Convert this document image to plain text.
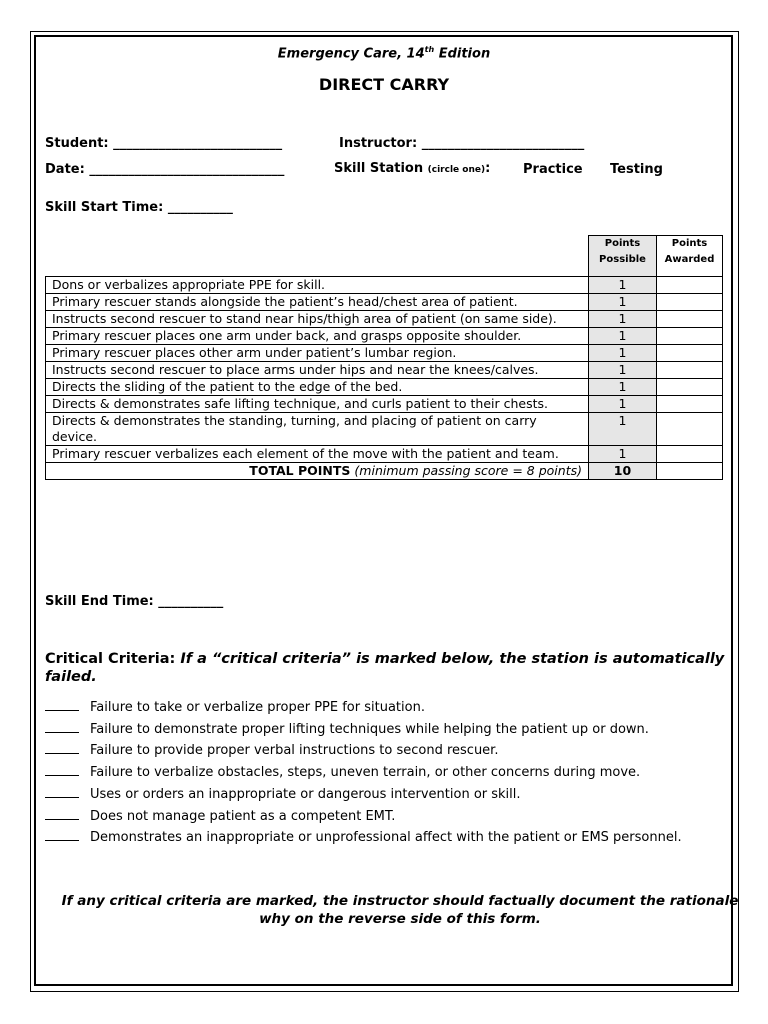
Emergency Care, 14th Edition
DIRECT CARRY
Student: __________________________	Instructor: _________________________
Date: ______________________________	Skill Station (circle one):	Practice Testing
Skill Start Time: __________
	Points Possible	Points Awarded
Dons or verbalizes appropriate PPE for skill.	1	
Primary rescuer stands alongside the patient’s head/chest area of patient.	1	
Instructs second rescuer to stand near hips/thigh area of patient (on same side).	1	
Primary rescuer places one arm under back, and grasps opposite shoulder.	1	
Primary rescuer places other arm under patient’s lumbar region.	1	
Instructs second rescuer to place arms under hips and near the knees/calves.	1	
Directs the sliding of the patient to the edge of the bed.	1	
Directs & demonstrates safe lifting technique, and curls patient to their chests.	1	
Directs & demonstrates the standing, turning, and placing of patient on carry device.	1	
Primary rescuer verbalizes each element of the move with the patient and team.	1	
TOTAL POINTS (minimum passing score = 8 points)	10	
Skill End Time: __________
Critical Criteria: If a “critical criteria” is marked below, the station is automatically failed.
Failure to take or verbalize proper PPE for situation.
Failure to demonstrate proper lifting techniques while helping the patient up or down.
Failure to provide proper verbal instructions to second rescuer.
Failure to verbalize obstacles, steps, uneven terrain, or other concerns during move.
Uses or orders an inappropriate or dangerous intervention or skill.
Does not manage patient as a competent EMT.
Demonstrates an inappropriate or unprofessional affect with the patient or EMS personnel.
If any critical criteria are marked, the instructor should factually document the rationale why on the reverse side of this form.
